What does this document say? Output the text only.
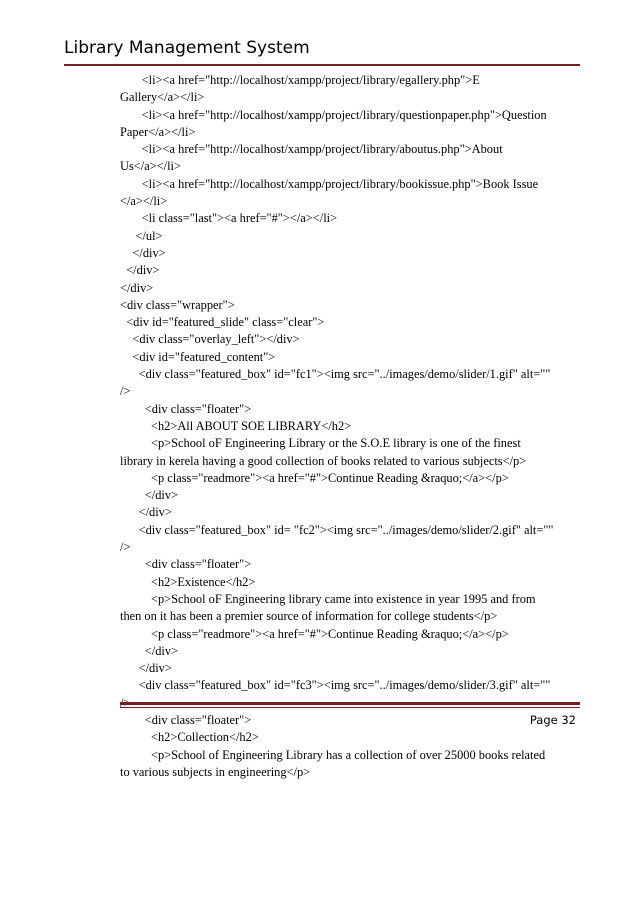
Library Management System
<li><a href="http://localhost/xampp/project/library/egallery.php">E
Gallery</a></li>
<li><a href="http://localhost/xampp/project/library/questionpaper.php">Question
Paper</a></li>
<li><a href="http://localhost/xampp/project/library/aboutus.php">About
Us</a></li>
<li><a href="http://localhost/xampp/project/library/bookissue.php">Book Issue
</a></li>
<li class="last"><a href="#"></a></li>
</ul>
</div>
</div>
</div>
<div class="wrapper">
<div id="featured_slide" class="clear">
<div class="overlay_left"></div>
<div id="featured_content">
<div class="featured_box" id="fc1"><img src="../images/demo/slider/1.gif" alt=""
/>
<div class="floater">
<h2>All ABOUT SOE LIBRARY</h2>
<p>School oF Engineering Library or the S.O.E library is one of the finest
library in kerela having a good collection of books related to various subjects</p>
<p class="readmore"><a href="#">Continue Reading &raquo;</a></p>
</div>
</div>
<div class="featured_box" id= "fc2"><img src="../images/demo/slider/2.gif" alt=""
/>
<div class="floater">
<h2>Existence</h2>
<p>School oF Engineering library came into existence in year 1995 and from
then on it has been a premier source of information for college students</p>
<p class="readmore"><a href="#">Continue Reading &raquo;</a></p>
</div>
</div>
<div class="featured_box" id="fc3"><img src="../images/demo/slider/3.gif" alt=""
<div class="floater">
<h2>Collection</h2>
<p>School of Engineering Library has a collection of over 25000 books related
to various subjects in engineering</p>
Page 32
